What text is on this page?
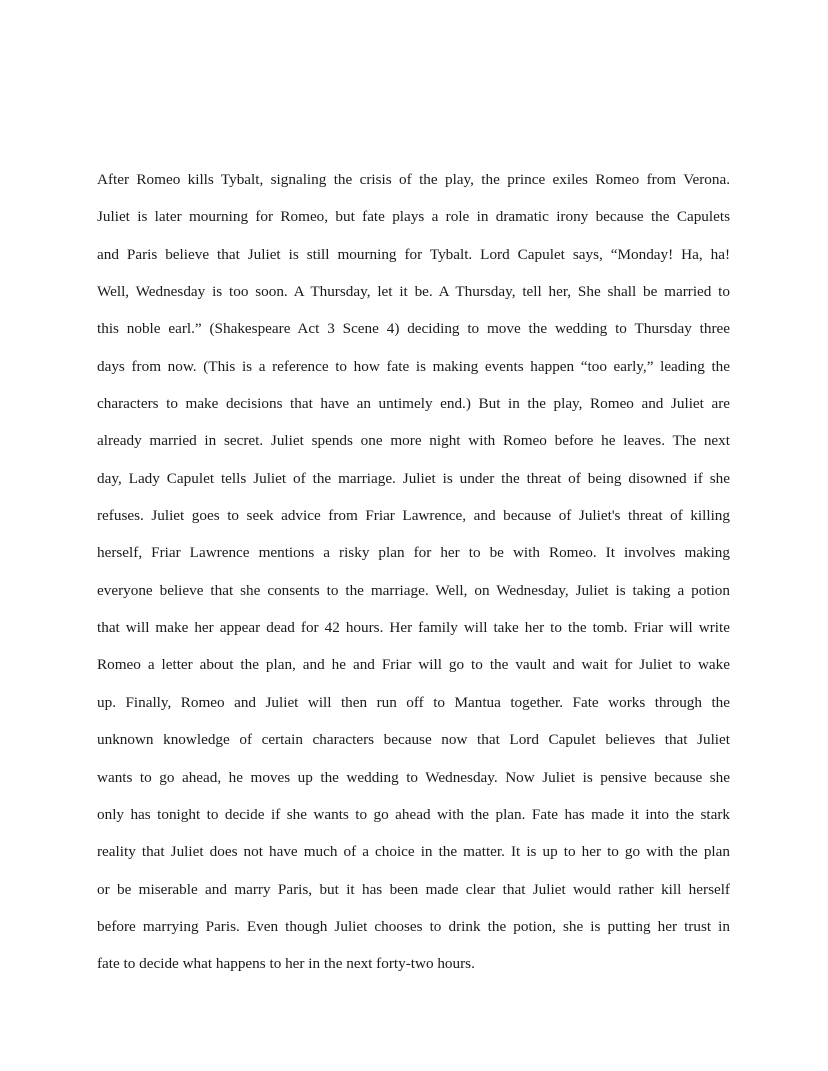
After Romeo kills Tybalt, signaling the crisis of the play, the prince exiles Romeo from Verona.
Juliet is later mourning for Romeo, but fate plays a role in dramatic irony because the Capulets
and Paris believe that Juliet is still mourning for Tybalt. Lord Capulet says, “Monday! Ha, ha!
Well, Wednesday is too soon. A Thursday, let it be. A Thursday, tell her, She shall be married to
this noble earl.” (Shakespeare Act 3 Scene 4) deciding to move the wedding to Thursday three
days from now. (This is a reference to how fate is making events happen “too early,” leading the
characters to make decisions that have an untimely end.) But in the play, Romeo and Juliet are
already married in secret. Juliet spends one more night with Romeo before he leaves. The next
day, Lady Capulet tells Juliet of the marriage. Juliet is under the threat of being disowned if she
refuses. Juliet goes to seek advice from Friar Lawrence, and because of Juliet's threat of killing
herself, Friar Lawrence mentions a risky plan for her to be with Romeo. It involves making
everyone believe that she consents to the marriage. Well, on Wednesday, Juliet is taking a potion
that will make her appear dead for 42 hours. Her family will take her to the tomb. Friar will write
Romeo a letter about the plan, and he and Friar will go to the vault and wait for Juliet to wake
up. Finally, Romeo and Juliet will then run off to Mantua together. Fate works through the
unknown knowledge of certain characters because now that Lord Capulet believes that Juliet
wants to go ahead, he moves up the wedding to Wednesday. Now Juliet is pensive because she
only has tonight to decide if she wants to go ahead with the plan. Fate has made it into the stark
reality that Juliet does not have much of a choice in the matter. It is up to her to go with the plan
or be miserable and marry Paris, but it has been made clear that Juliet would rather kill herself
before marrying Paris. Even though Juliet chooses to drink the potion, she is putting her trust in
fate to decide what happens to her in the next forty-two hours.
